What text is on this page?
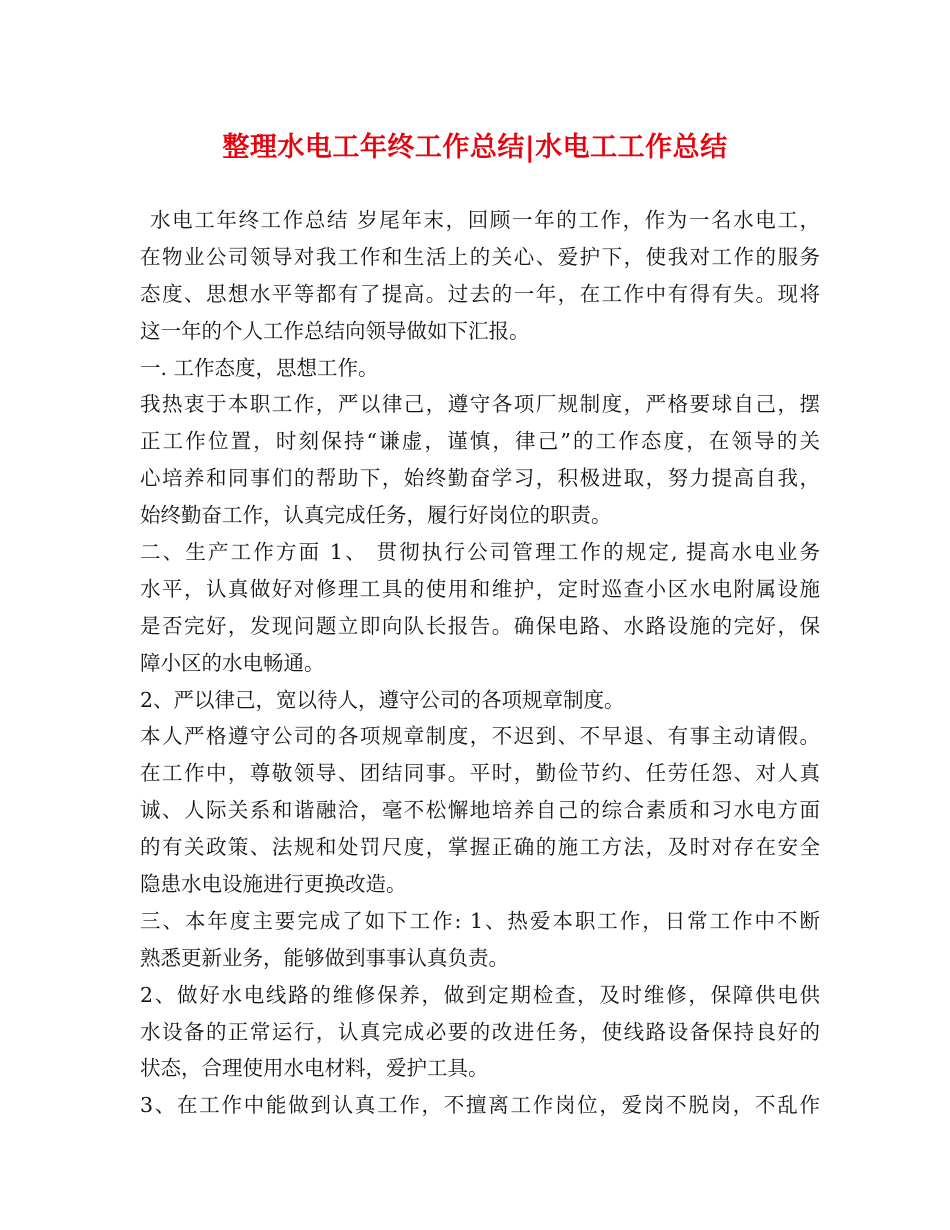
整理水电工年终工作总结|水电工工作总结
水电工年终工作总结 岁尾年末，回顾一年的工作，作为一名水电工，
在物业公司领导对我工作和生活上的关心、爱护下，使我对工作的服务
态度、思想水平等都有了提高。过去的一年，在工作中有得有失。现将
这一年的个人工作总结向领导做如下汇报。
一. 工作态度，思想工作。
我热衷于本职工作，严以律己，遵守各项厂规制度，严格要球自己，摆
正工作位置，时刻保持“谦虚，谨慎，律己”的工作态度，在领导的关
心培养和同事们的帮助下，始终勤奋学习，积极进取，努力提高自我，
始终勤奋工作，认真完成任务，履行好岗位的职责。
二、生产工作方面 1、 贯彻执行公司管理工作的规定, 提高水电业务
水平，认真做好对修理工具的使用和维护，定时巡查小区水电附属设施
是否完好，发现问题立即向队长报告。确保电路、水路设施的完好，保
障小区的水电畅通。
2、严以律己，宽以待人，遵守公司的各项规章制度。
本人严格遵守公司的各项规章制度，不迟到、不早退、有事主动请假。
在工作中，尊敬领导、团结同事。平时，勤俭节约、任劳任怨、对人真
诚、人际关系和谐融洽，毫不松懈地培养自己的综合素质和习水电方面
的有关政策、法规和处罚尺度，掌握正确的施工方法，及时对存在安全
隐患水电设施进行更换改造。
三、本年度主要完成了如下工作: 1、热爱本职工作，日常工作中不断
熟悉更新业务，能够做到事事认真负责。
2、做好水电线路的维修保养，做到定期检查，及时维修，保障供电供
水设备的正常运行，认真完成必要的改进任务，使线路设备保持良好的
状态，合理使用水电材料，爱护工具。
3、在工作中能做到认真工作，不擅离工作岗位，爱岗不脱岗，不乱作
